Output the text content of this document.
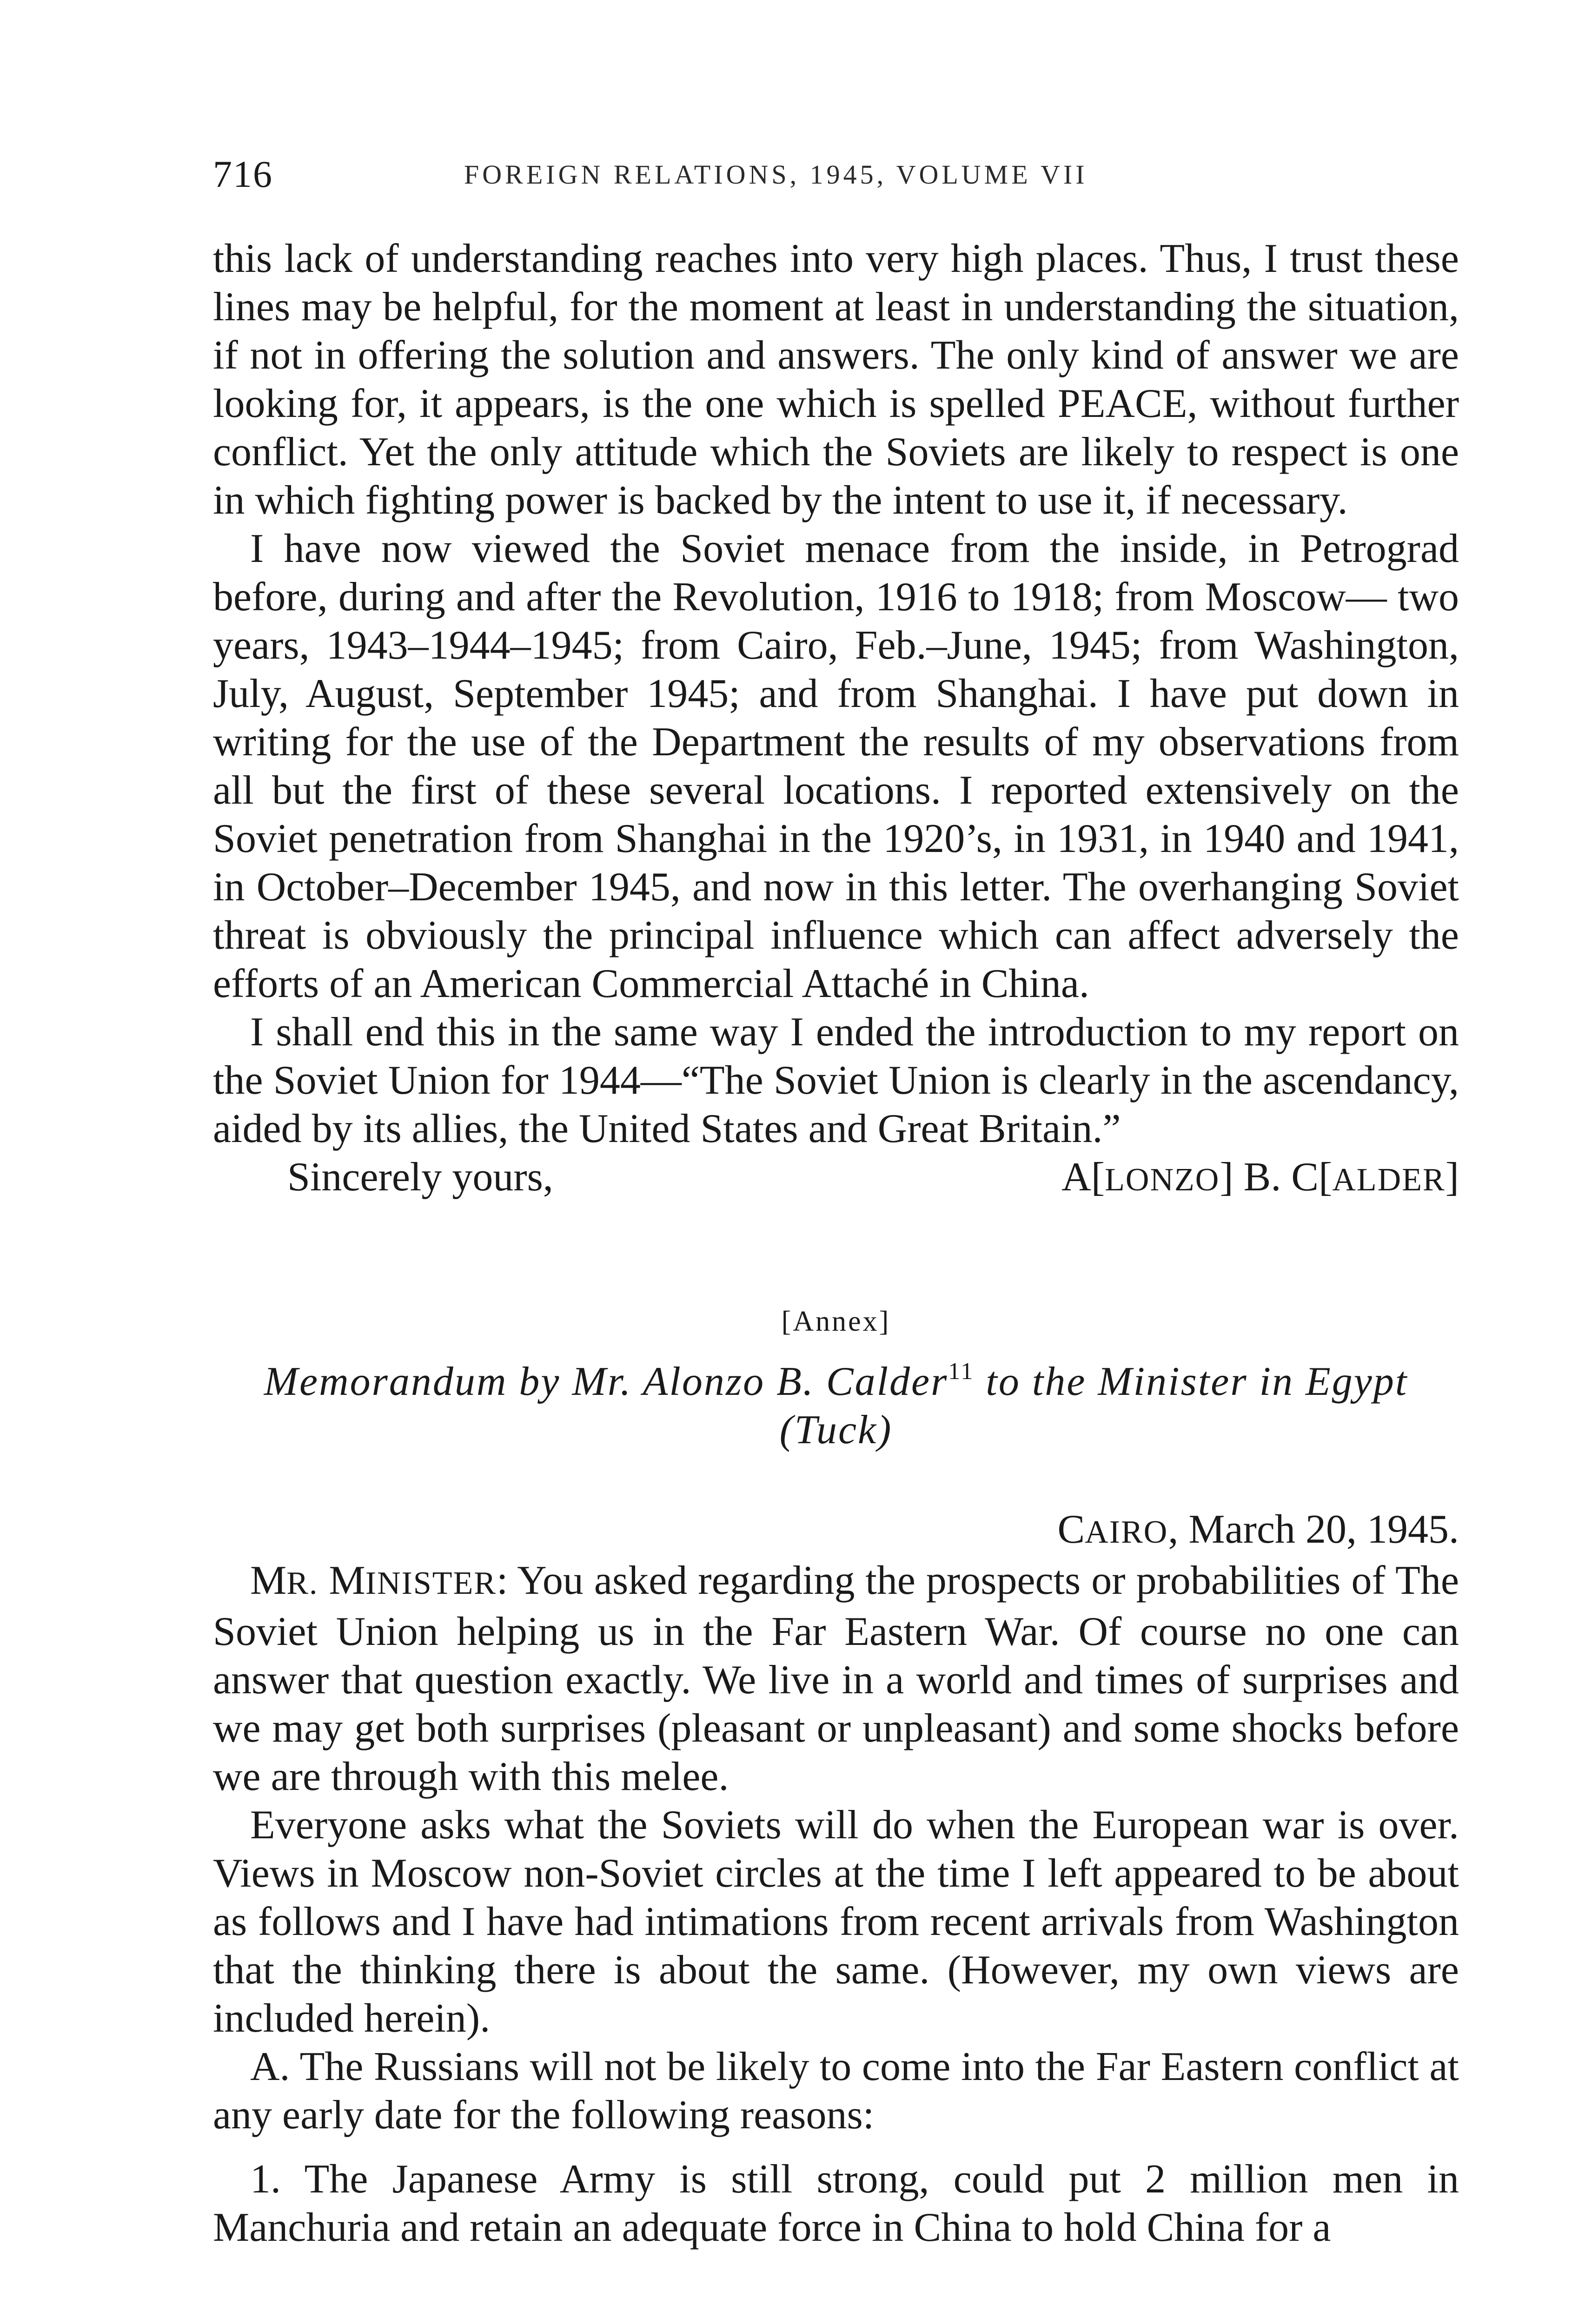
716	FOREIGN RELATIONS, 1945, VOLUME VII

this lack of understanding reaches into very high places. Thus, I trust these lines may be helpful, for the moment at least in understanding the situation, if not in offering the solution and answers. The only kind of answer we are looking for, it appears, is the one which is spelled PEACE, without further conflict. Yet the only attitude which the Soviets are likely to respect is one in which fighting power is backed by the intent to use it, if necessary.

I have now viewed the Soviet menace from the inside, in Petrograd before, during and after the Revolution, 1916 to 1918; from Moscow— two years, 1943–1944–1945; from Cairo, Feb.–June, 1945; from Washington, July, August, September 1945; and from Shanghai. I have put down in writing for the use of the Department the results of my observations from all but the first of these several locations. I reported extensively on the Soviet penetration from Shanghai in the 1920’s, in 1931, in 1940 and 1941, in October–December 1945, and now in this letter. The overhanging Soviet threat is obviously the principal influence which can affect adversely the efforts of an American Commercial Attaché in China.

I shall end this in the same way I ended the introduction to my report on the Soviet Union for 1944—“The Soviet Union is clearly in the ascendancy, aided by its allies, the United States and Great Britain.”

Sincerely yours,	A[LONZO] B. C[ALDER]

[Annex]

Memorandum by Mr. Alonzo B. Calder$^{11}$ to the Minister in Egypt (Tuck)

CAIRO, March 20, 1945.

MR. MINISTER: You asked regarding the prospects or probabilities of The Soviet Union helping us in the Far Eastern War. Of course no one can answer that question exactly. We live in a world and times of surprises and we may get both surprises (pleasant or unpleasant) and some shocks before we are through with this melee.

Everyone asks what the Soviets will do when the European war is over. Views in Moscow non-Soviet circles at the time I left appeared to be about as follows and I have had intimations from recent arrivals from Washington that the thinking there is about the same. (However, my own views are included herein).

A. The Russians will not be likely to come into the Far Eastern conflict at any early date for the following reasons:

1. The Japanese Army is still strong, could put 2 million men in Manchuria and retain an adequate force in China to hold China for a
